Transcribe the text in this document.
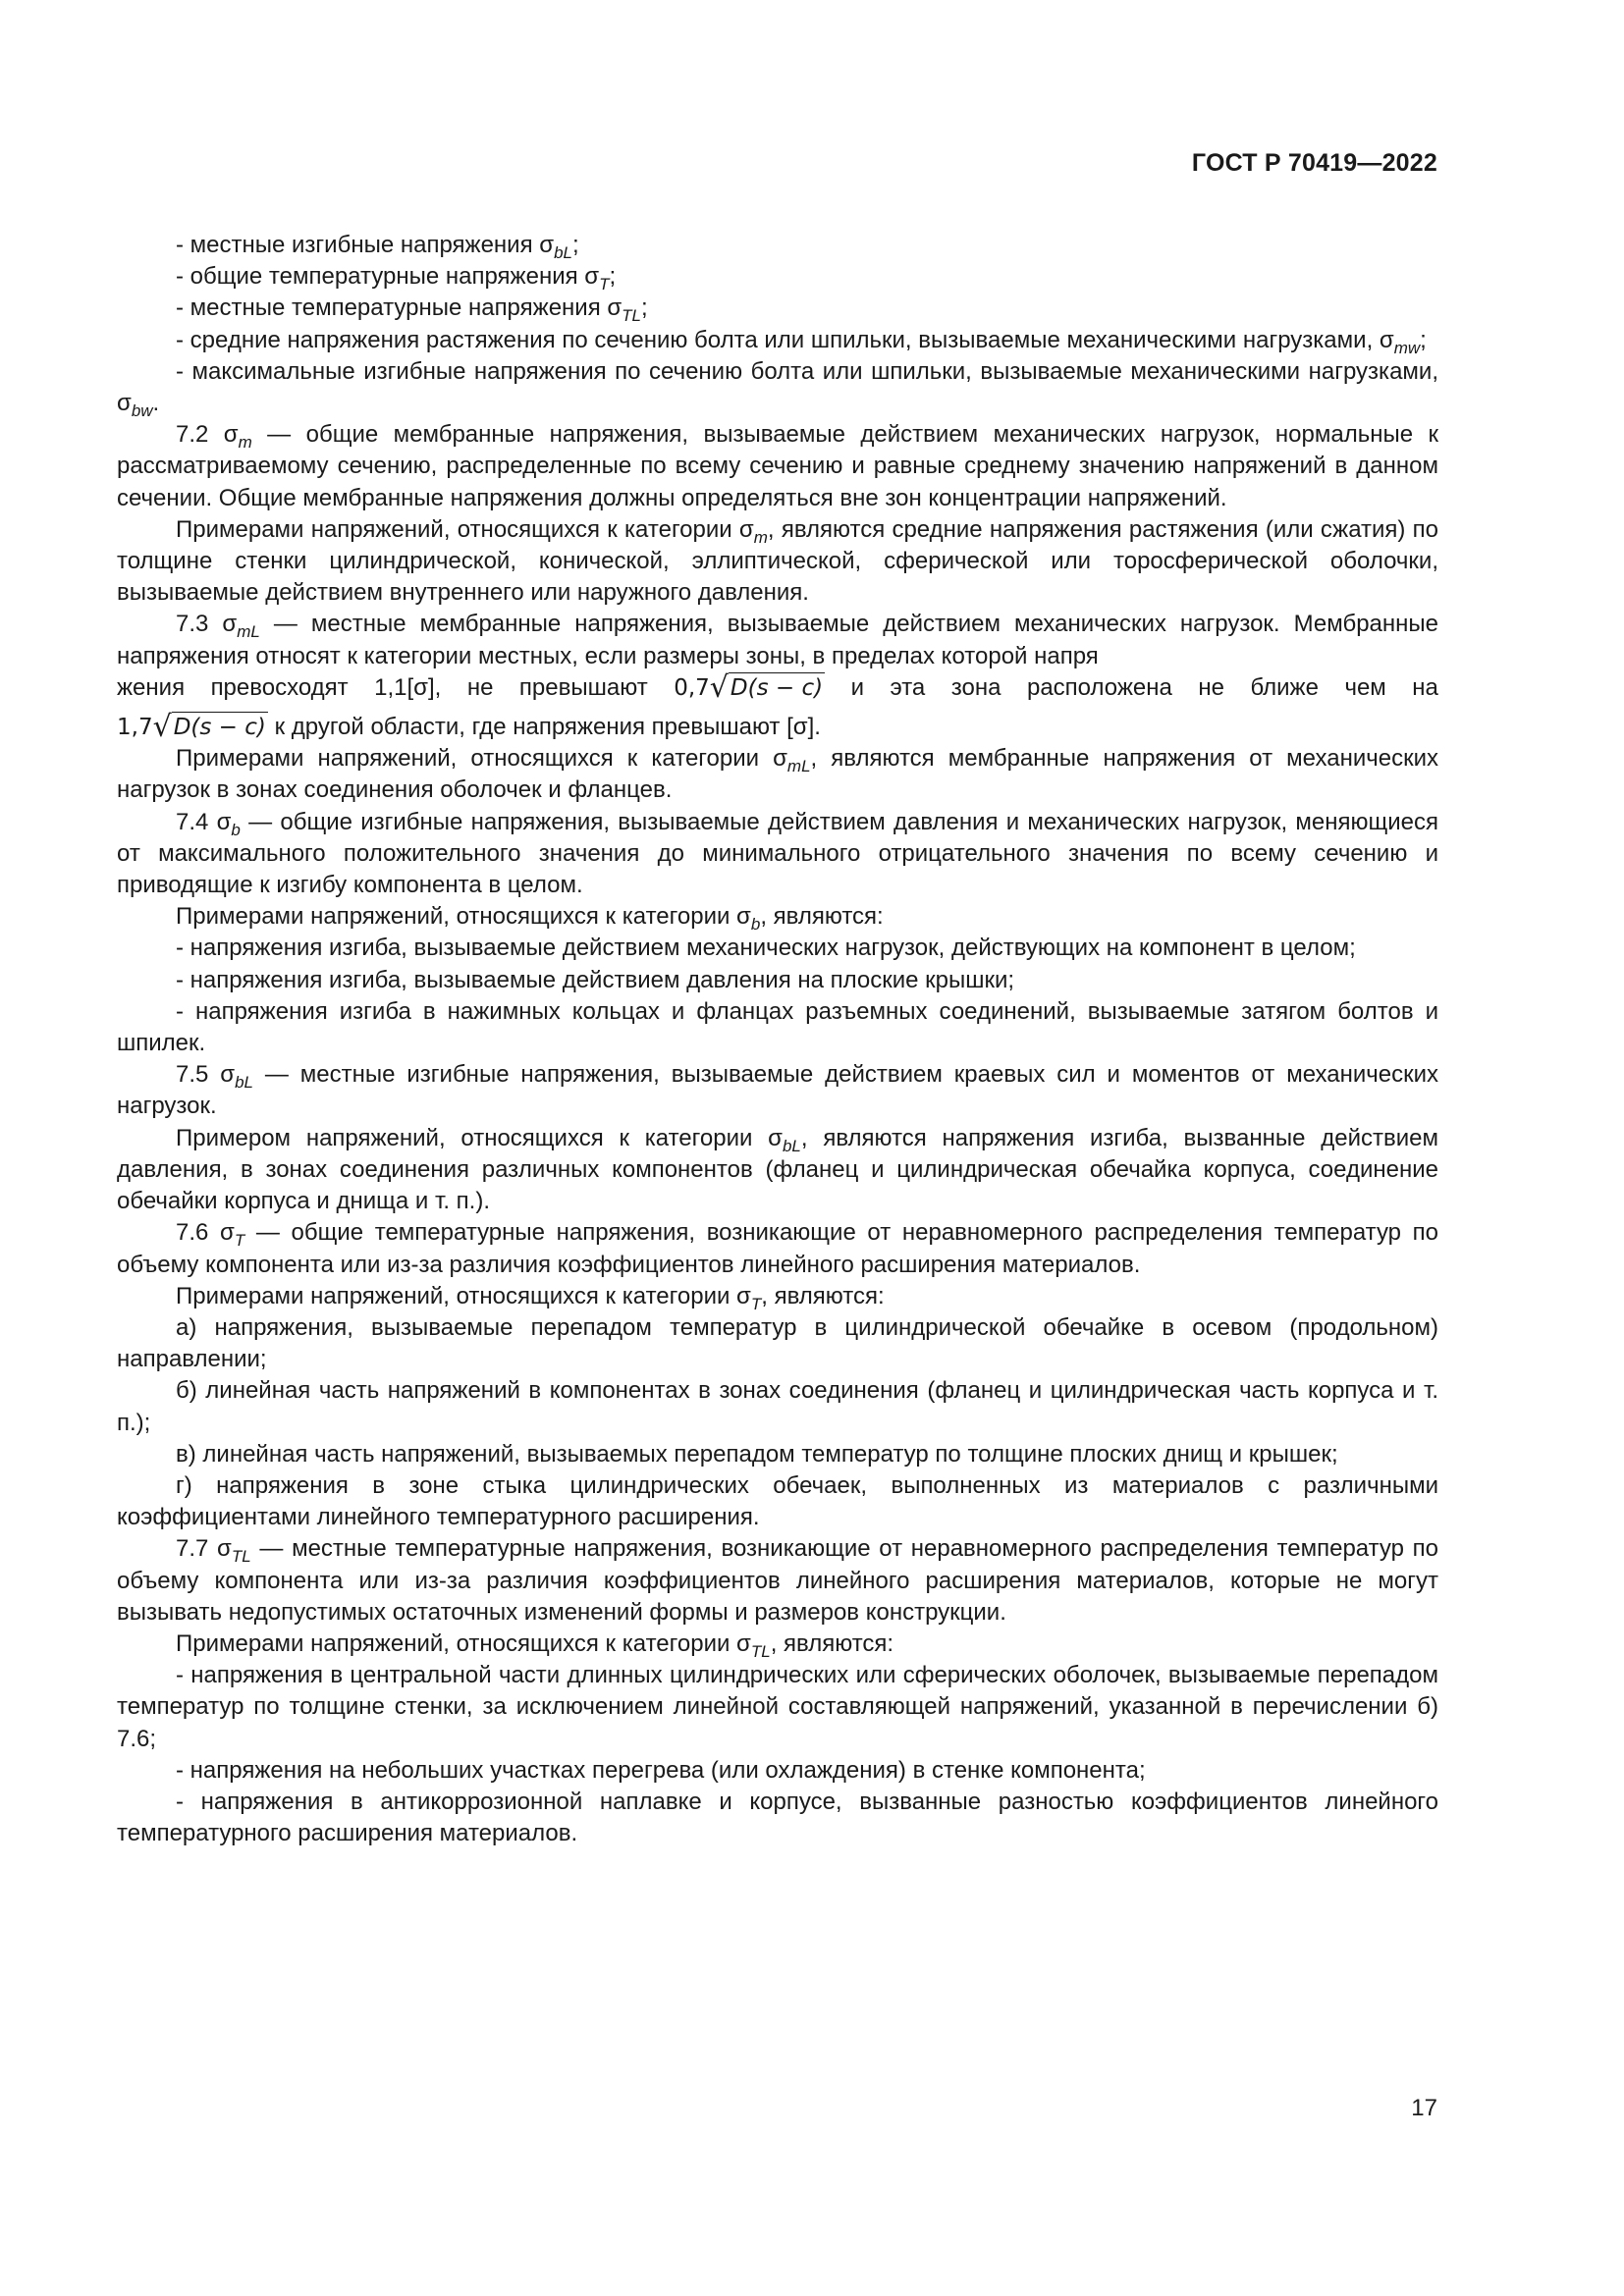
ГОСТ Р 70419—2022

- местные изгибные напряжения $\sigma_{bL}$;

- общие температурные напряжения $\sigma_T$;

- местные температурные напряжения $\sigma_{TL}$;

- средние напряжения растяжения по сечению болта или шпильки, вызываемые механическими нагрузками, $\sigma_{mw}$;

- максимальные изгибные напряжения по сечению болта или шпильки, вызываемые механическими нагрузками, $\sigma_{bw}$.

7.2 $\sigma_m$ — общие мембранные напряжения, вызываемые действием механических нагрузок, нормальные к рассматриваемому сечению, распределенные по всему сечению и равные среднему значению напряжений в данном сечении. Общие мембранные напряжения должны определяться вне зон концентрации напряжений.

Примерами напряжений, относящихся к категории $\sigma_m$, являются средние напряжения растяжения (или сжатия) по толщине стенки цилиндрической, конической, эллиптической, сферической или торосферической оболочки, вызываемые действием внутреннего или наружного давления.

7.3 $\sigma_{mL}$ — местные мембранные напряжения, вызываемые действием механических нагрузок. Мембранные напряжения относят к категории местных, если размеры зоны, в пределах которой напря

жения превосходят 1,1[σ], не превышают 0,7√D(s − c) и эта зона расположена не ближе чем на
1,7√D(s − c) к другой области, где напряжения превышают [σ].

Примерами напряжений, относящихся к категории $\sigma_{mL}$, являются мембранные напряжения от механических нагрузок в зонах соединения оболочек и фланцев.

7.4 $\sigma_b$ — общие изгибные напряжения, вызываемые действием давления и механических нагрузок, меняющиеся от максимального положительного значения до минимального отрицательного значения по всему сечению и приводящие к изгибу компонента в целом.

Примерами напряжений, относящихся к категории $\sigma_b$, являются:

- напряжения изгиба, вызываемые действием механических нагрузок, действующих на компонент в целом;

- напряжения изгиба, вызываемые действием давления на плоские крышки;

- напряжения изгиба в нажимных кольцах и фланцах разъемных соединений, вызываемые затягом болтов и шпилек.

7.5 $\sigma_{bL}$ — местные изгибные напряжения, вызываемые действием краевых сил и моментов от механических нагрузок.

Примером напряжений, относящихся к категории $\sigma_{bL}$, являются напряжения изгиба, вызванные действием давления, в зонах соединения различных компонентов (фланец и цилиндрическая обечайка корпуса, соединение обечайки корпуса и днища и т. п.).

7.6 $\sigma_T$ — общие температурные напряжения, возникающие от неравномерного распределения температур по объему компонента или из-за различия коэффициентов линейного расширения материалов.

Примерами напряжений, относящихся к категории $\sigma_T$, являются:

а) напряжения, вызываемые перепадом температур в цилиндрической обечайке в осевом (продольном) направлении;

б) линейная часть напряжений в компонентах в зонах соединения (фланец и цилиндрическая часть корпуса и т. п.);

в) линейная часть напряжений, вызываемых перепадом температур по толщине плоских днищ и крышек;

г) напряжения в зоне стыка цилиндрических обечаек, выполненных из материалов с различными коэффициентами линейного температурного расширения.

7.7 $\sigma_{TL}$ — местные температурные напряжения, возникающие от неравномерного распределения температур по объему компонента или из-за различия коэффициентов линейного расширения материалов, которые не могут вызывать недопустимых остаточных изменений формы и размеров конструкции.

Примерами напряжений, относящихся к категории $\sigma_{TL}$, являются:

- напряжения в центральной части длинных цилиндрических или сферических оболочек, вызываемые перепадом температур по толщине стенки, за исключением линейной составляющей напряжений, указанной в перечислении б) 7.6;

- напряжения на небольших участках перегрева (или охлаждения) в стенке компонента;

- напряжения в антикоррозионной наплавке и корпусе, вызванные разностью коэффициентов линейного температурного расширения материалов.

17
